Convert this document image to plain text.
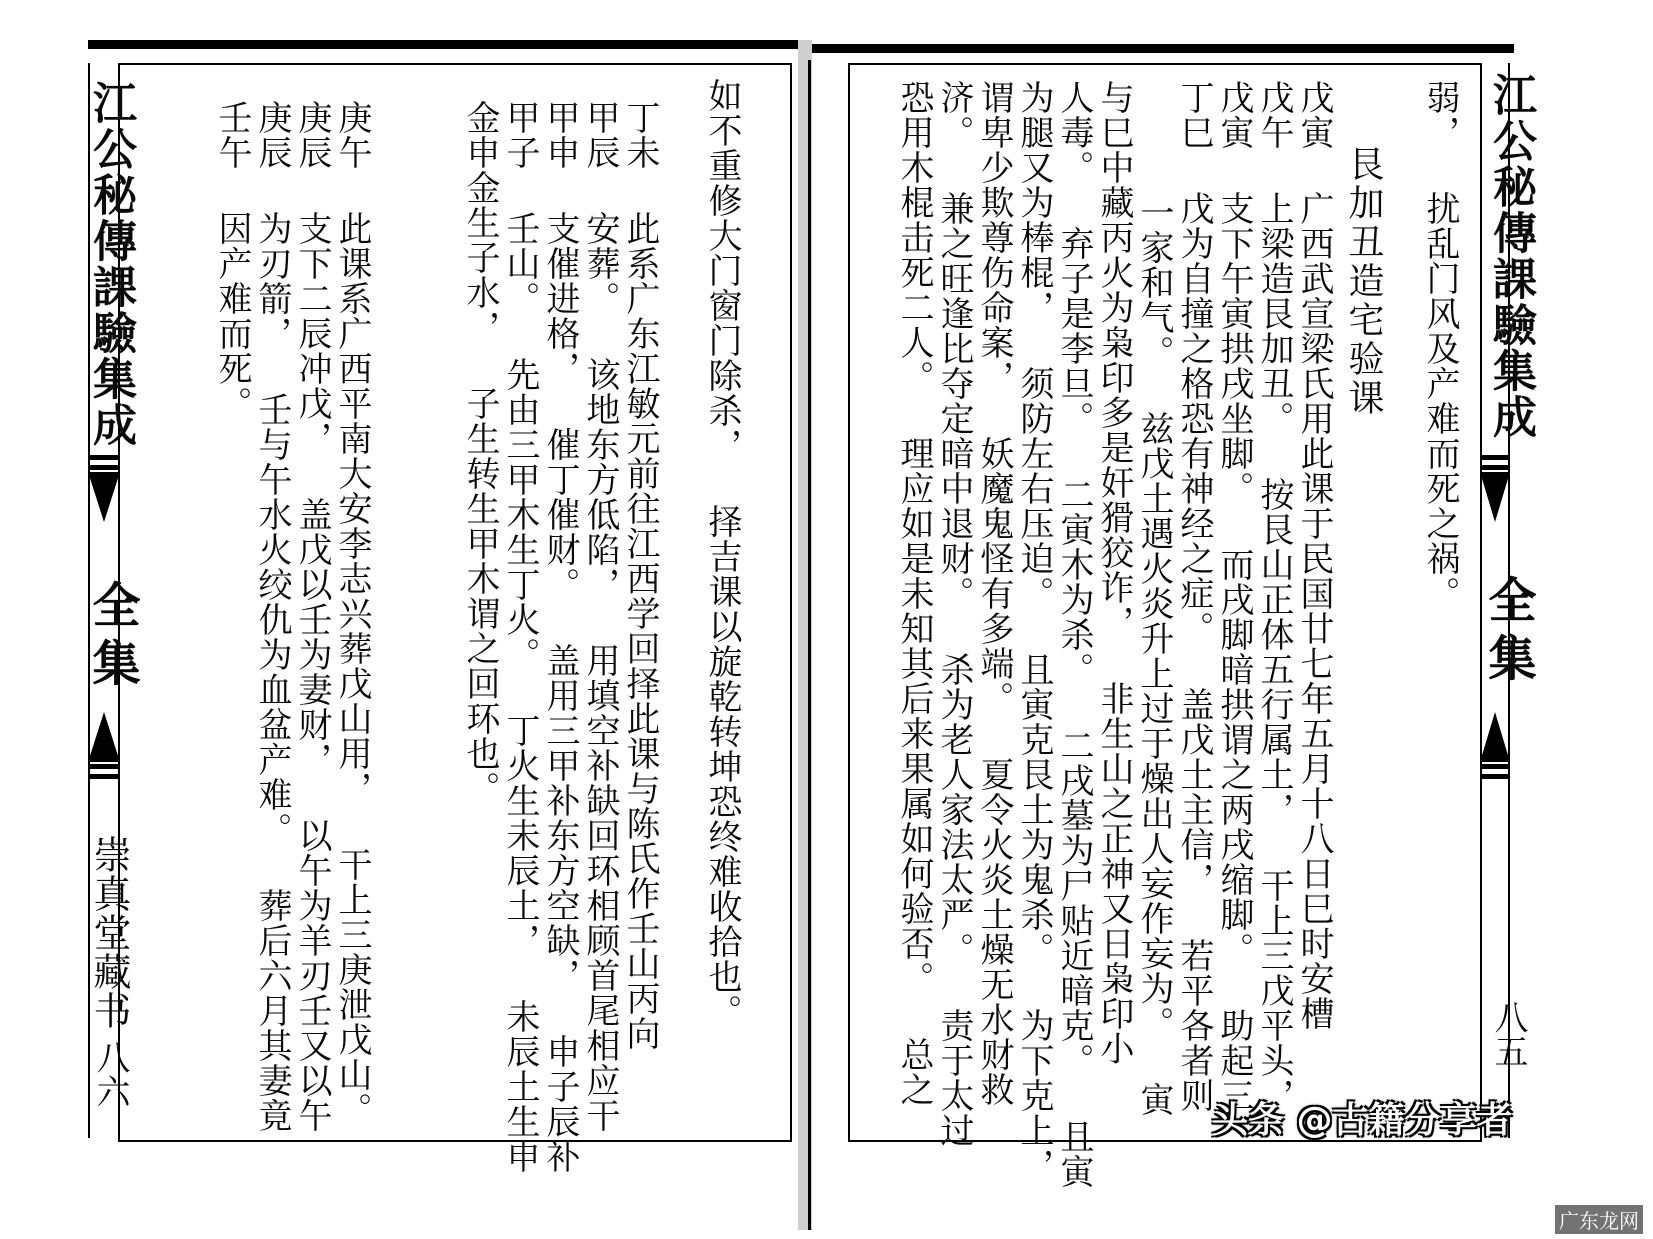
江公秘傳課驗集成
全集
崇真堂藏书
八六
如不重修大门窗门除杀， 择吉课以旋乾转坤恐终难收拾也。
丁未 此系广东江敏元前往江西学回择此课与陈氏作壬山丙向
甲辰 安葬。 该地东方低陷， 用填空补缺回环相顾首尾相应干
甲申 支催进格， 催丁催财。 盖用三甲补东方空缺， 申子辰补
甲子 壬山。 先由三甲木生丁火。 丁火生未辰土， 未辰土生申
金申金生子水， 子生转生甲木谓之回环也。
庚午 此课系广西平南大安李志兴葬戊山用， 干上三庚泄戊山。
庚辰 支下二辰冲戊， 盖戊以壬为妻财， 以午为羊刃壬又以午
庚辰 为刃箭， 壬与午水火绞仇为血盆产难。 葬后六月其妻竟
壬午 因产难而死。	江公秘傳課驗集成
全集
八五
弱， 扰乱门风及产难而死之祸。
艮加丑造宅验课
戊寅 广西武宣梁氏用此课于民国廿七年五月十八日巳时安槽
戊午 上梁造艮加丑。 按艮山正体五行属土， 干上三戊平头，
戊寅 支下午寅拱戌坐脚。 而戌脚暗拱谓之两戌缩脚。 助起三
丁巳 戊为自撞之格恐有神经之症。 盖戊土主信， 若平各者则
一家和气。 兹戊土遇火炎升上过于燥出人妄作妄为。 寅
与巳中藏丙火为枭印多是奸猾狡诈， 非生山之正神又日枭印小
人毒。 弃子是李旦。 二寅木为杀。 二戌墓为尸贴近暗克。 且寅
为腿又为棒棍， 须防左右压迫。 且寅克艮土为鬼杀。 为下克上，
谓卑少欺尊伤命案， 妖魔鬼怪有多端。 夏令火炎土燥无水财救
济。 兼之旺逢比夺定暗中退财。 杀为老人家法太严。 责于太过
恐用木棍击死二人。 理应如是未知其后来果属如何验否。 总之
头条 @古籍分享者
广东龙网
